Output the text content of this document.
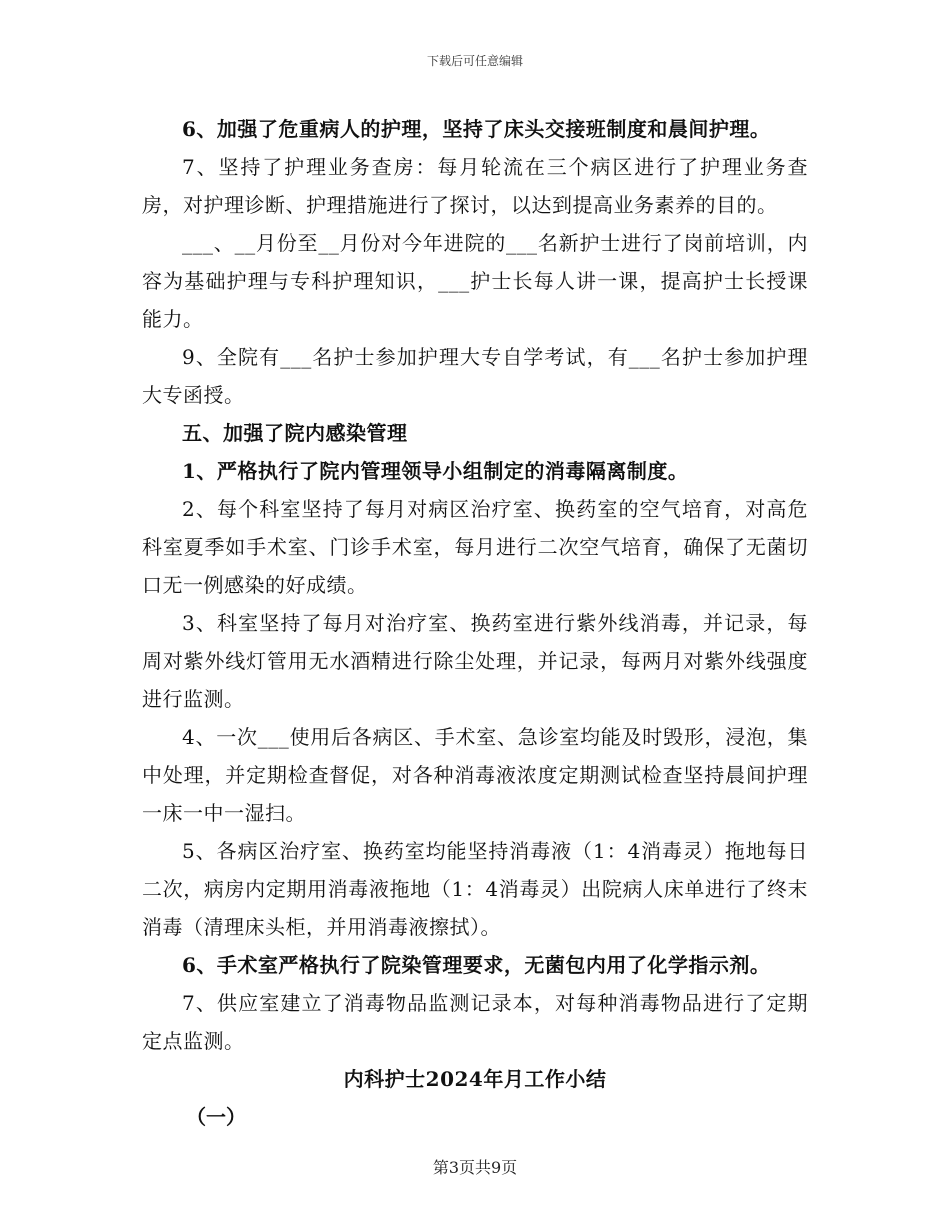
下载后可任意编辑

6、加强了危重病人的护理，坚持了床头交接班制度和晨间护理。

7、坚持了护理业务查房：每月轮流在三个病区进行了护理业务查房，对护理诊断、护理措施进行了探讨，以达到提高业务素养的目的。

___、__月份至__月份对今年进院的___名新护士进行了岗前培训，内容为基础护理与专科护理知识，___护士长每人讲一课，提高护士长授课能力。

9、全院有___名护士参加护理大专自学考试，有___名护士参加护理大专函授。

五、加强了院内感染管理

1、严格执行了院内管理领导小组制定的消毒隔离制度。

2、每个科室坚持了每月对病区治疗室、换药室的空气培育，对高危科室夏季如手术室、门诊手术室，每月进行二次空气培育，确保了无菌切口无一例感染的好成绩。

3、科室坚持了每月对治疗室、换药室进行紫外线消毒，并记录，每周对紫外线灯管用无水酒精进行除尘处理，并记录，每两月对紫外线强度进行监测。

4、一次___使用后各病区、手术室、急诊室均能及时毁形，浸泡，集中处理，并定期检查督促，对各种消毒液浓度定期测试检查坚持晨间护理一床一中一湿扫。

5、各病区治疗室、换药室均能坚持消毒液（1：4消毒灵）拖地每日二次，病房内定期用消毒液拖地（1：4消毒灵）出院病人床单进行了终末消毒（清理床头柜，并用消毒液擦拭）。

6、手术室严格执行了院染管理要求，无菌包内用了化学指示剂。

7、供应室建立了消毒物品监测记录本，对每种消毒物品进行了定期定点监测。

内科护士2024年月工作小结

（一）

第3页共9页
